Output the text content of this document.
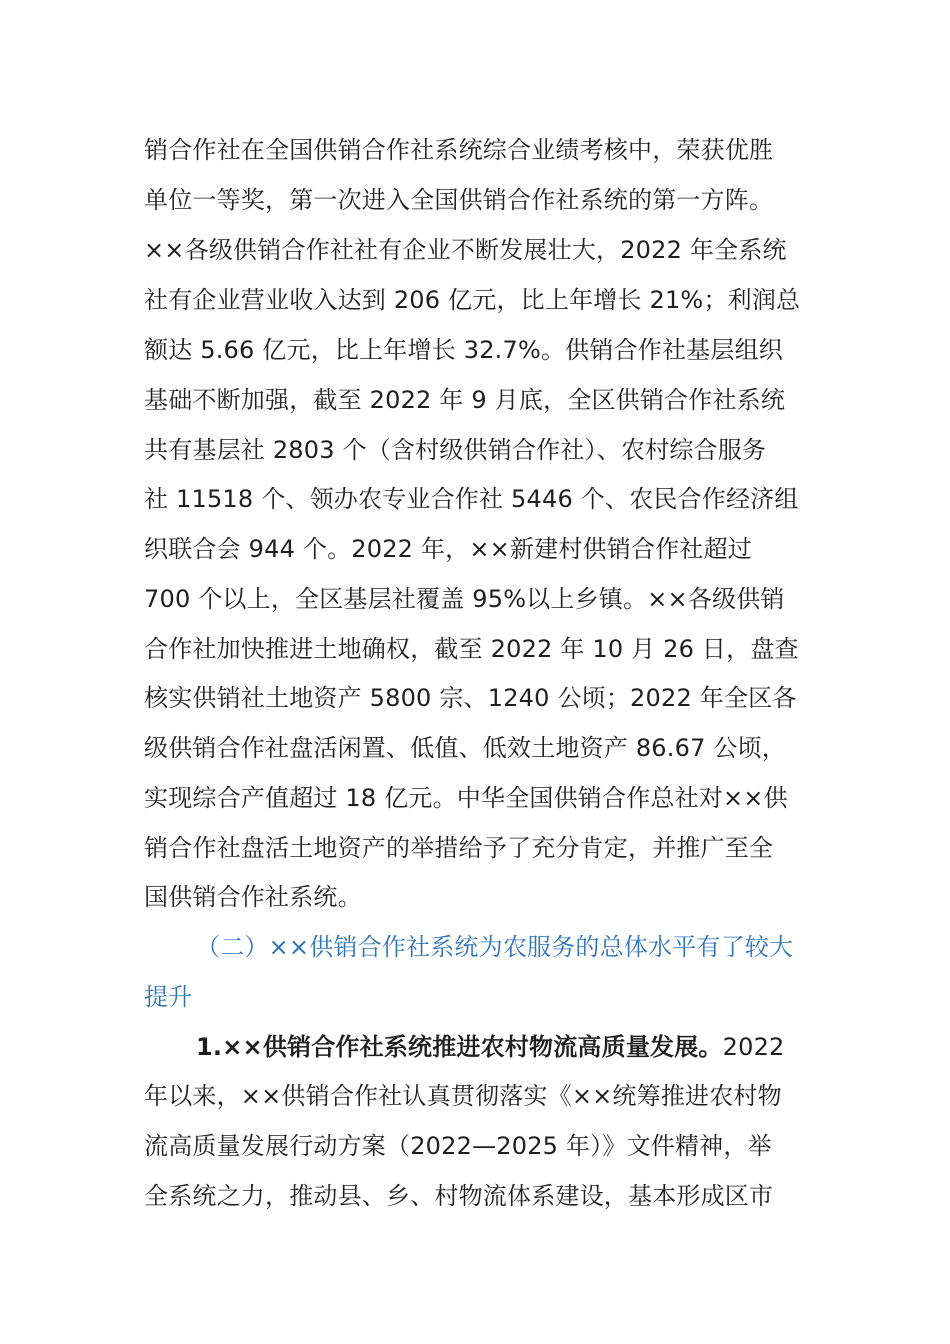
销合作社在全国供销合作社系统综合业绩考核中，荣获优胜
单位一等奖，第一次进入全国供销合作社系统的第一方阵。
××各级供销合作社社有企业不断发展壮大，2022 年全系统
社有企业营业收入达到 206 亿元，比上年增长 21%；利润总
额达 5.66 亿元，比上年增长 32.7%。供销合作社基层组织
基础不断加强，截至 2022 年 9 月底，全区供销合作社系统
共有基层社 2803 个（含村级供销合作社）、农村综合服务
社 11518 个、领办农专业合作社 5446 个、农民合作经济组
织联合会 944 个。2022 年，××新建村供销合作社超过
700 个以上，全区基层社覆盖 95%以上乡镇。××各级供销
合作社加快推进土地确权，截至 2022 年 10 月 26 日，盘查
核实供销社土地资产 5800 宗、1240 公顷；2022 年全区各
级供销合作社盘活闲置、低值、低效土地资产 86.67 公顷，
实现综合产值超过 18 亿元。中华全国供销合作总社对××供
销合作社盘活土地资产的举措给予了充分肯定，并推广至全
国供销合作社系统。
（二）××供销合作社系统为农服务的总体水平有了较大
提升
1.××供销合作社系统推进农村物流高质量发展。2022
年以来，××供销合作社认真贯彻落实《××统筹推进农村物
流高质量发展行动方案（2022—2025 年）》文件精神，举
全系统之力，推动县、乡、村物流体系建设，基本形成区市
